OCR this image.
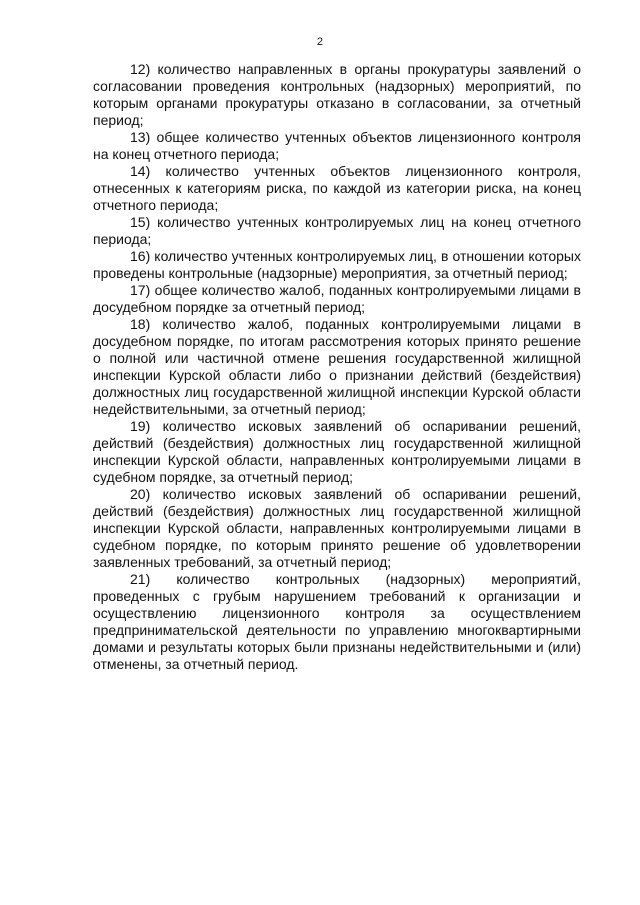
2

12) количество направленных в органы прокуратуры заявлений о согласовании проведения контрольных (надзорных) мероприятий, по которым органами прокуратуры отказано в согласовании, за отчетный период;

13) общее количество учтенных объектов лицензионного контроля на конец отчетного периода;

14) количество учтенных объектов лицензионного контроля, отнесенных к категориям риска, по каждой из категории риска, на конец отчетного периода;

15) количество учтенных контролируемых лиц на конец отчетного периода;

16) количество учтенных контролируемых лиц, в отношении которых проведены контрольные (надзорные) мероприятия, за отчетный период;

17) общее количество жалоб, поданных контролируемыми лицами в досудебном порядке за отчетный период;

18) количество жалоб, поданных контролируемыми лицами в досудебном порядке, по итогам рассмотрения которых принято решение о полной или частичной отмене решения государственной жилищной инспекции Курской области либо о признании действий (бездействия) должностных лиц государственной жилищной инспекции Курской области недействительными, за отчетный период;

19) количество исковых заявлений об оспаривании решений, действий (бездействия) должностных лиц государственной жилищной инспекции Курской области, направленных контролируемыми лицами в судебном порядке, за отчетный период;

20) количество исковых заявлений об оспаривании решений, действий (бездействия) должностных лиц государственной жилищной инспекции Курской области, направленных контролируемыми лицами в судебном порядке, по которым принято решение об удовлетворении заявленных требований, за отчетный период;

21) количество контрольных (надзорных) мероприятий, проведенных с грубым нарушением требований к организации и осуществлению лицензионного контроля за осуществлением предпринимательской деятельности по управлению многоквартирными домами и результаты которых были признаны недействительными и (или) отменены, за отчетный период.
